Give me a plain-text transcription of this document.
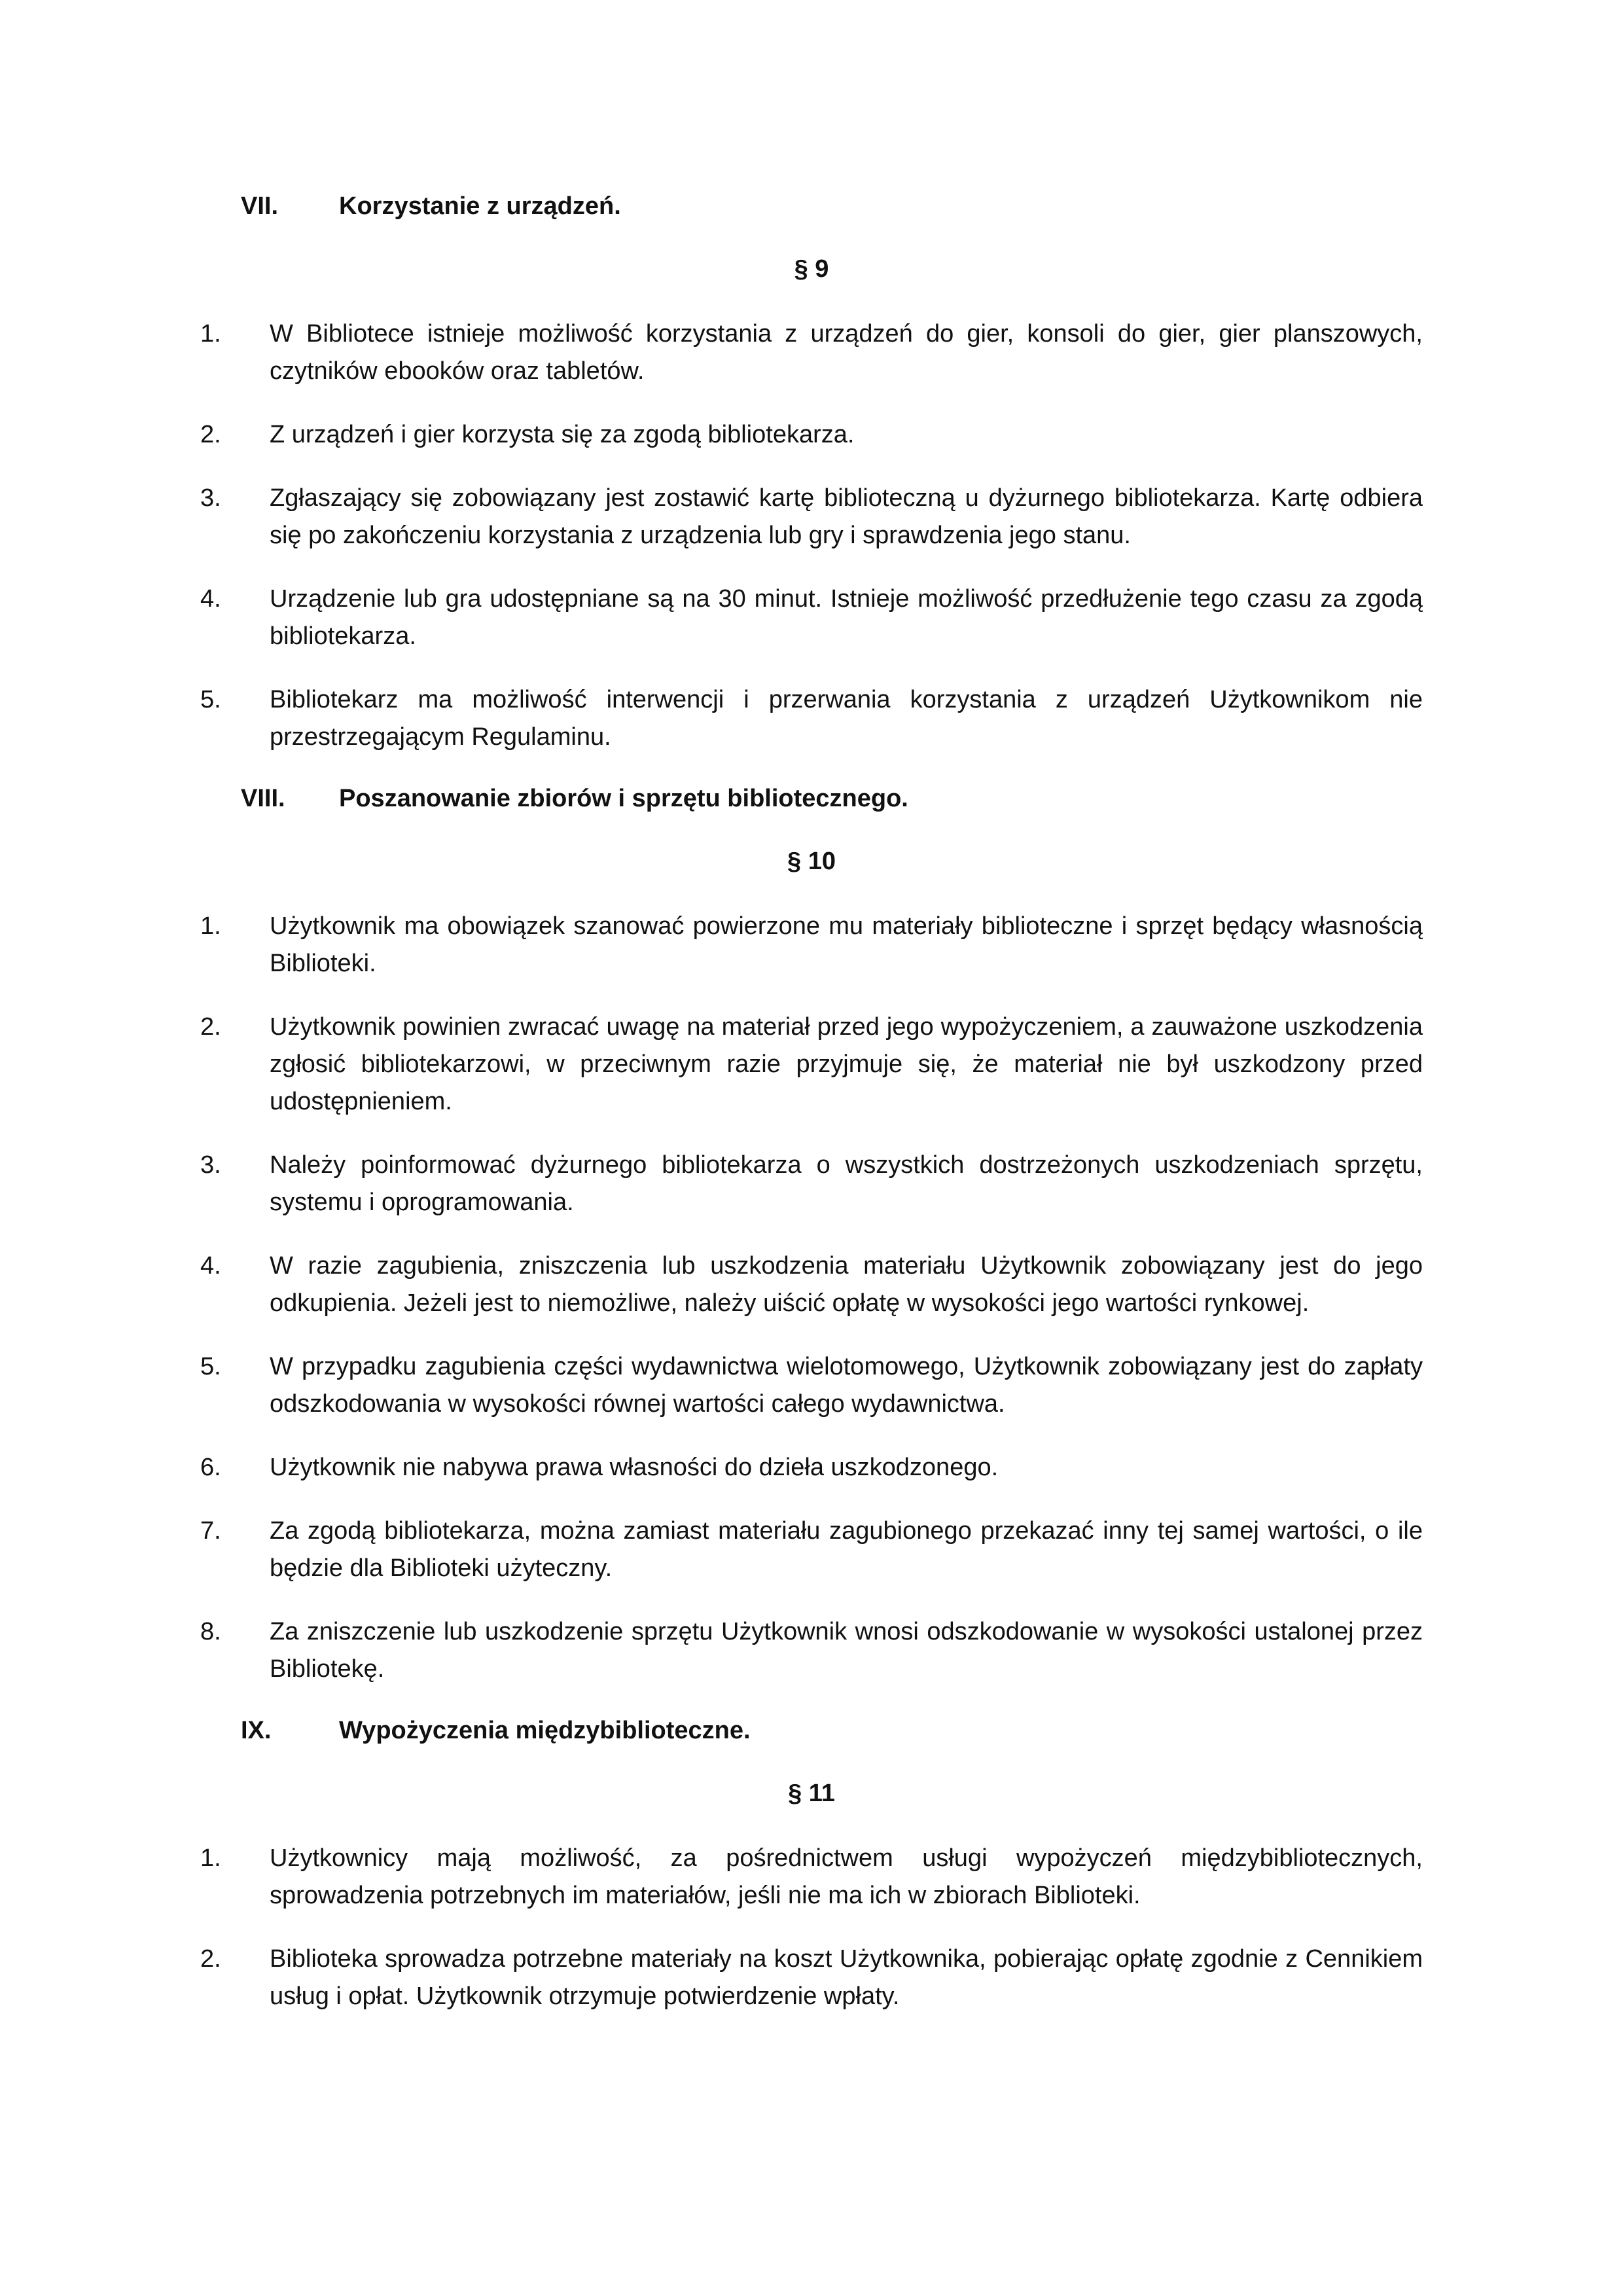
VII. Korzystanie z urządzeń.
§ 9
1.	W Bibliotece istnieje możliwość korzystania z urządzeń do gier, konsoli do gier, gier planszowych, czytników ebooków oraz tabletów.
2.	Z urządzeń i gier korzysta się za zgodą bibliotekarza.
3.	Zgłaszający się zobowiązany jest zostawić kartę biblioteczną u dyżurnego bibliotekarza. Kartę odbiera się po zakończeniu korzystania z urządzenia lub gry i sprawdzenia jego stanu.
4.	Urządzenie lub gra udostępniane są na 30 minut. Istnieje możliwość przedłużenie tego czasu za zgodą bibliotekarza.
5.	Bibliotekarz ma możliwość interwencji i przerwania korzystania z urządzeń Użytkownikom nie przestrzegającym Regulaminu.
VIII. Poszanowanie zbiorów i sprzętu bibliotecznego.
§ 10
1.	Użytkownik ma obowiązek szanować powierzone mu materiały biblioteczne i sprzęt będący własnością Biblioteki.
2.	Użytkownik powinien zwracać uwagę na materiał przed jego wypożyczeniem, a zauważone uszkodzenia zgłosić bibliotekarzowi, w przeciwnym razie przyjmuje się, że materiał nie był uszkodzony przed udostępnieniem.
3.	Należy poinformować dyżurnego bibliotekarza o wszystkich dostrzeżonych uszkodzeniach sprzętu, systemu i oprogramowania.
4.	W razie zagubienia, zniszczenia lub uszkodzenia materiału Użytkownik zobowiązany jest do jego odkupienia. Jeżeli jest to niemożliwe, należy uiścić opłatę w wysokości jego wartości rynkowej.
5.	W przypadku zagubienia części wydawnictwa wielotomowego, Użytkownik zobowiązany jest do zapłaty odszkodowania w wysokości równej wartości całego wydawnictwa.
6.	Użytkownik nie nabywa prawa własności do dzieła uszkodzonego.
7.	Za zgodą bibliotekarza, można zamiast materiału zagubionego przekazać inny tej samej wartości, o ile będzie dla Biblioteki użyteczny.
8.	Za zniszczenie lub uszkodzenie sprzętu Użytkownik wnosi odszkodowanie w wysokości ustalonej przez Bibliotekę.
IX.	Wypożyczenia międzybiblioteczne.
§ 11
1.	Użytkownicy mają możliwość, za pośrednictwem usługi wypożyczeń międzybibliotecznych, sprowadzenia potrzebnych im materiałów, jeśli nie ma ich w zbiorach Biblioteki.
2.	Biblioteka sprowadza potrzebne materiały na koszt Użytkownika, pobierając opłatę zgodnie z Cennikiem usług i opłat. Użytkownik otrzymuje potwierdzenie wpłaty.
